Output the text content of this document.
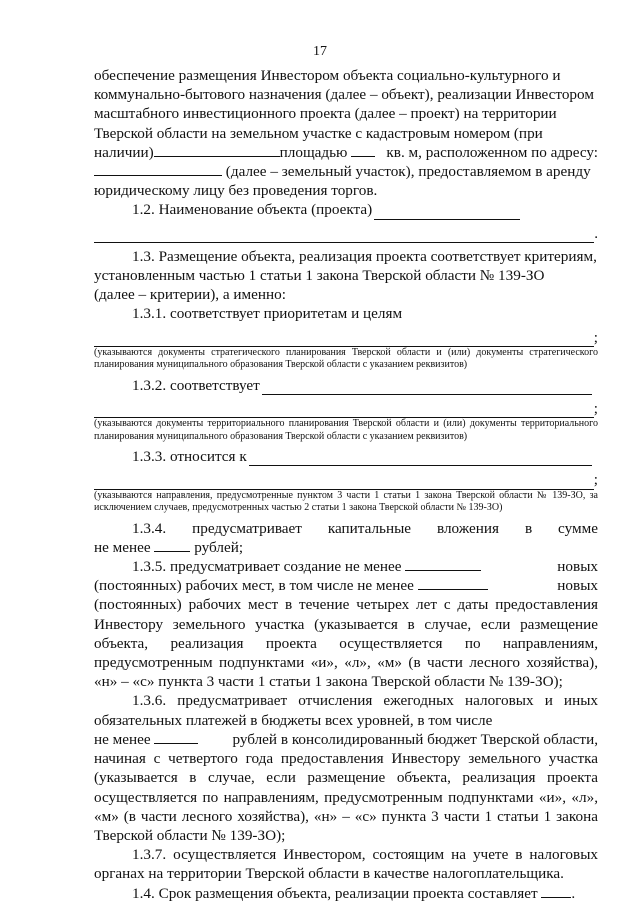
17

обеспечение размещения Инвестором объекта социально-культурного и

коммунально-бытового назначения (далее – объект), реализации Инвестором

масштабного инвестиционного проекта (далее – проект) на территории

Тверской области на земельном участке с кадастровым номером (при

наличии)	площадью	кв. м, расположенном по адресу:
(далее – земельный участок), предоставляемом в аренду

юридическому лицу без проведения торгов.

1.2. Наименование объекта (проекта)
.

1.3. Размещение объекта, реализация проекта соответствует критериям,

установленным частью 1 статьи 1 закона Тверской области № 139-ЗО

(далее – критерии), а именно:

1.3.1. соответствует приоритетам и целям

;

(указываются документы стратегического планирования Тверской области и (или) документы стратегического планирования муниципального образования Тверской области с указанием реквизитов)

1.3.2. соответствует
;

(указываются документы территориального планирования Тверской области и (или) документы территориального планирования муниципального образования Тверской области с указанием реквизитов)

1.3.3. относится к
;

(указываются направления, предусмотренные пунктом 3 части 1 статьи 1 закона Тверской области № 139-ЗО, за исключением случаев, предусмотренных частью 2 статьи 1 закона Тверской области № 139-ЗО)

1.3.4. предусматривает капитальные вложения в сумме
не менее	рублей;
1.3.5. предусматривает создание не менее	новых
(постоянных) рабочих мест, в том числе не менее	новых

(постоянных) рабочих мест в течение четырех лет с даты предоставления Инвестору земельного участка (указывается в случае, если размещение объекта, реализация проекта осуществляется по направлениям, предусмотренным подпунктами «и», «л», «м» (в части лесного хозяйства), «н» – «с» пункта 3 части 1 статьи 1 закона Тверской области № 139-ЗО);

1.3.6. предусматривает отчисления ежегодных налоговых и иных обязательных платежей в бюджеты всех уровней, в том числе

не менее	рублей в консолидированный бюджет Тверской области,

начиная с четвертого года предоставления Инвестору земельного участка (указывается в случае, если размещение объекта, реализация проекта осуществляется по направлениям, предусмотренным подпунктами «и», «л», «м» (в части лесного хозяйства), «н» – «с» пункта 3 части 1 статьи 1 закона Тверской области № 139-ЗО);

1.3.7. осуществляется Инвестором, состоящим на учете в налоговых органах на территории Тверской области в качестве налогоплательщика.

1.4. Срок размещения объекта, реализации проекта составляет .
